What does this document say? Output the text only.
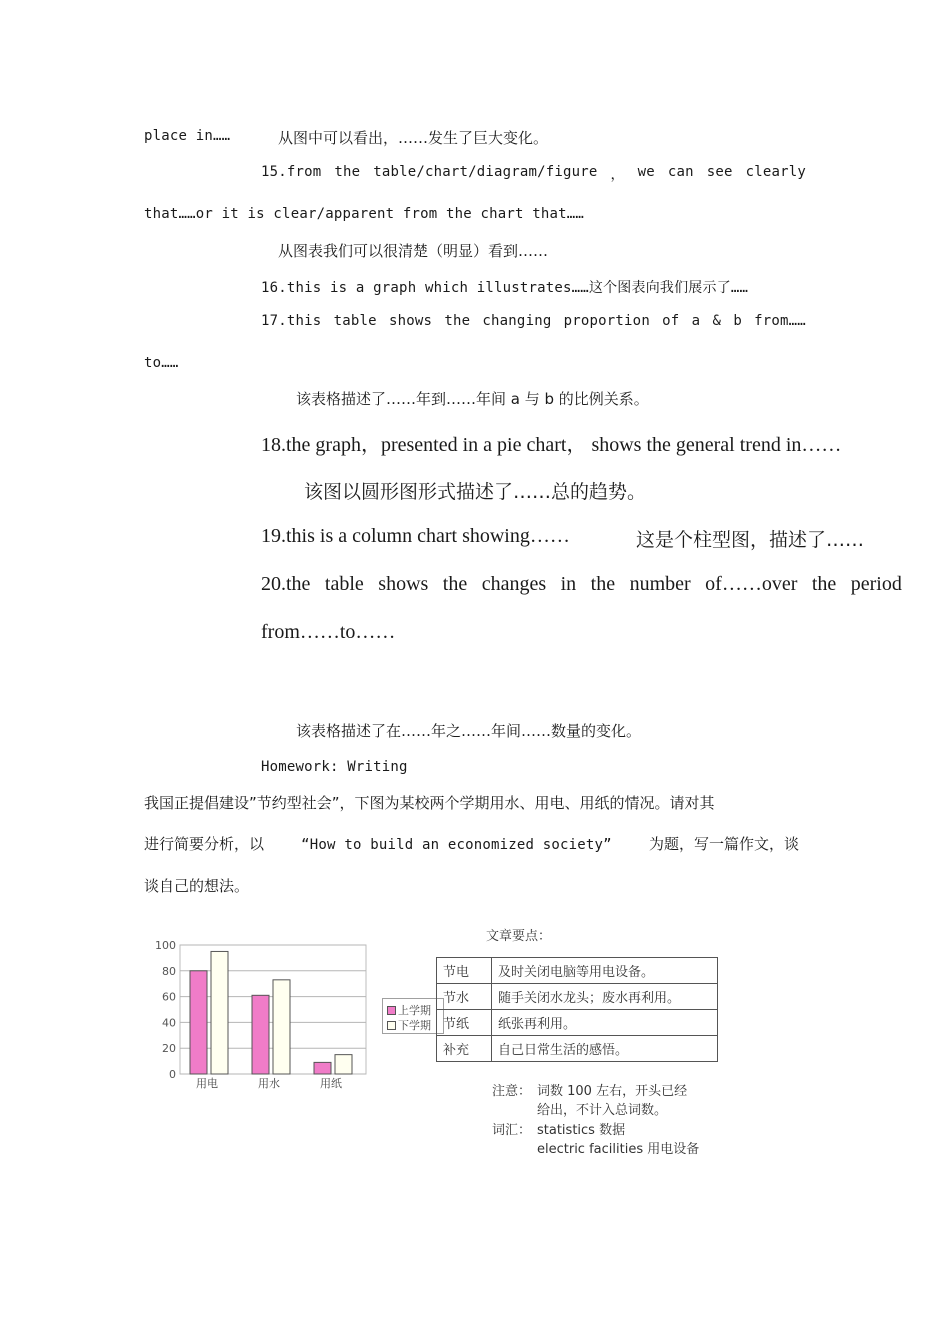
place in……	从图中可以看出，……发生了巨大变化。
15.from the table/chart/diagram/figure ， we can see clearly
that……or it is clear/apparent from the chart that……
从图表我们可以很清楚（明显）看到……
16.this is a graph which illustrates……这个图表向我们展示了……
17.this table shows the changing proportion of a & b from……
to……
该表格描述了……年到……年间 a 与 b 的比例关系。
18.the graph，presented in a pie chart， shows the general trend in……
该图以圆形图形式描述了……总的趋势。
19.this is a column chart showing……	这是个柱型图，描述了……
20.the table shows the changes in the number of……over the period
from……to……
该表格描述了在……年之……年间……数量的变化。
Homework: Writing
我国正提倡建设”节约型社会”，下图为某校两个学期用水、用电、用纸的情况。请对其
进行简要分析，以	“How to build an economized society” 为题，写一篇作文，谈
谈自己的想法。
0
20
40
60
80
100
用电	用水	用纸
上学期
下学期
文章要点：
节电	及时关闭电脑等用电设备。
节水	随手关闭水龙头；废水再利用。
节纸	纸张再利用。
补充	自己日常生活的感悟。
注意： 词数 100 左右，开头已经
给出，不计入总词数。
词汇： statistics 数据
electric facilities 用电设备
